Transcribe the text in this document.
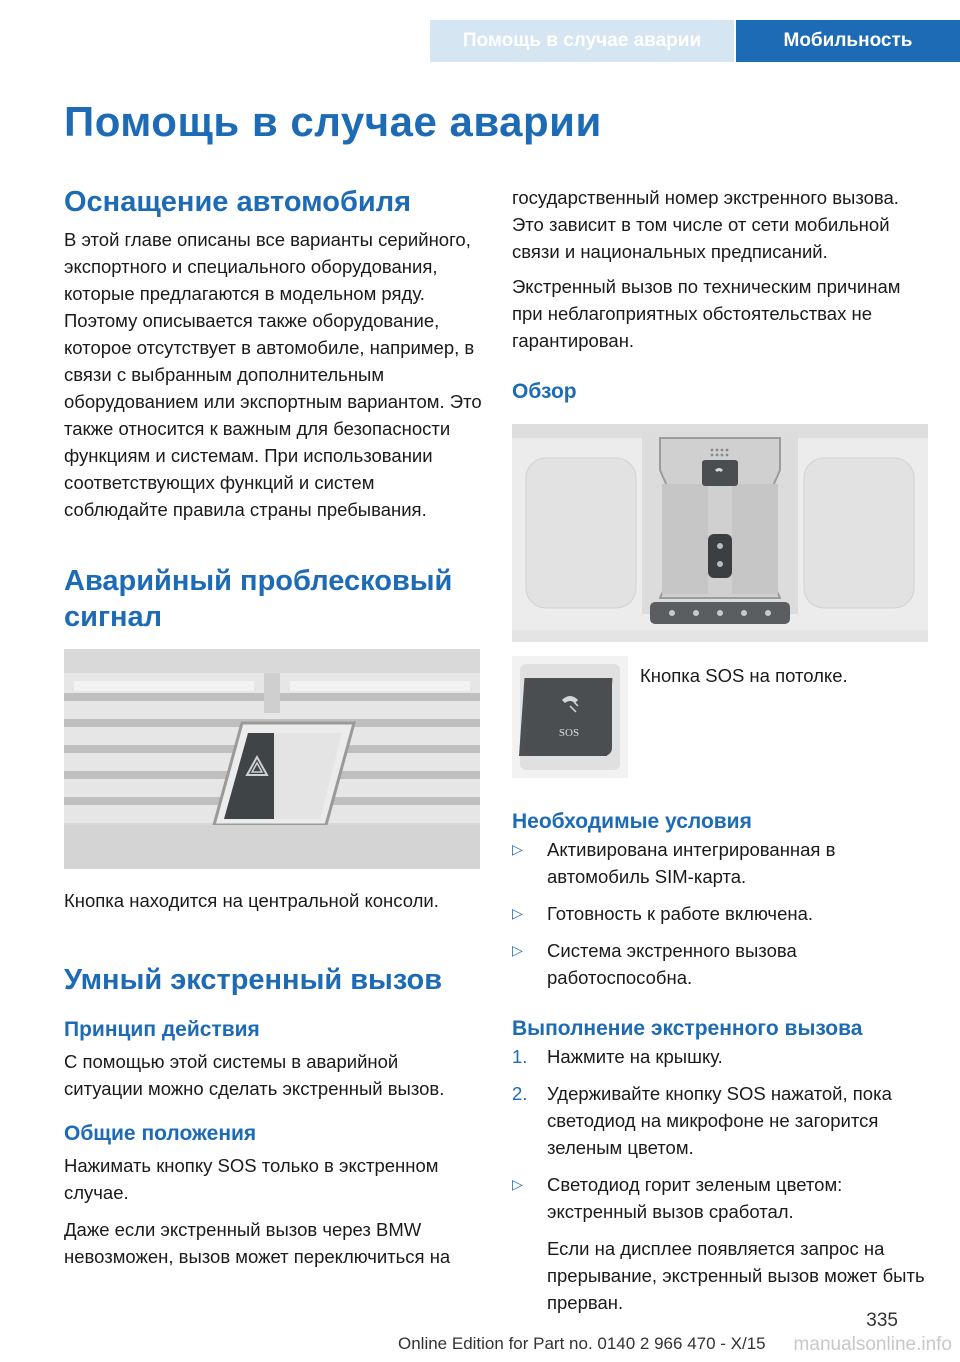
Помощь в случае аварии	Мобильность
Помощь в случае аварии
Оснащение автомобиля

В этой главе описаны все варианты серийного, экспортного и специального оборудования, которые предлагаются в модельном ряду. Поэтому описывается также оборудование, которое отсутствует в автомобиле, например, в связи с выбранным дополнительным оборудованием или экспортным вариантом. Это также относится к важным для безопасности функциям и системам. При использовании соответствующих функций и систем соблюдайте правила страны пребывания.

Аварийный проблесковый сигнал

Кнопка находится на центральной консоли.

Умный экстренный вызов
Принцип действия

С помощью этой системы в аварийной ситуации можно сделать экстренный вызов.

Общие положения

Нажимать кнопку SOS только в экстренном случае.

Даже если экстренный вызов через BMW невозможен, вызов может переключиться на

государственный номер экстренного вызова. Это зависит в том числе от сети мобильной связи и национальных предписаний.

Экстренный вызов по техническим причинам при неблагоприятных обстоятельствах не гарантирован.

Обзор
SOS

Кнопка SOS на потолке.

Необходимые условия
▷ Активирована интегрированная в автомобиль SIM-карта.
▷ Готовность к работе включена.
▷ Система экстренного вызова работоспособна.
Выполнение экстренного вызова
1. Нажмите на крышку.
2. Удерживайте кнопку SOS нажатой, пока светодиод на микрофоне не загорится зеленым цветом.
▷ Светодиод горит зеленым цветом: экстренный вызов сработал.
Если на дисплее появляется запрос на прерывание, экстренный вызов может быть прерван.
335
Online Edition for Part no. 0140 2 966 470 - X/15 manualsonline.info
